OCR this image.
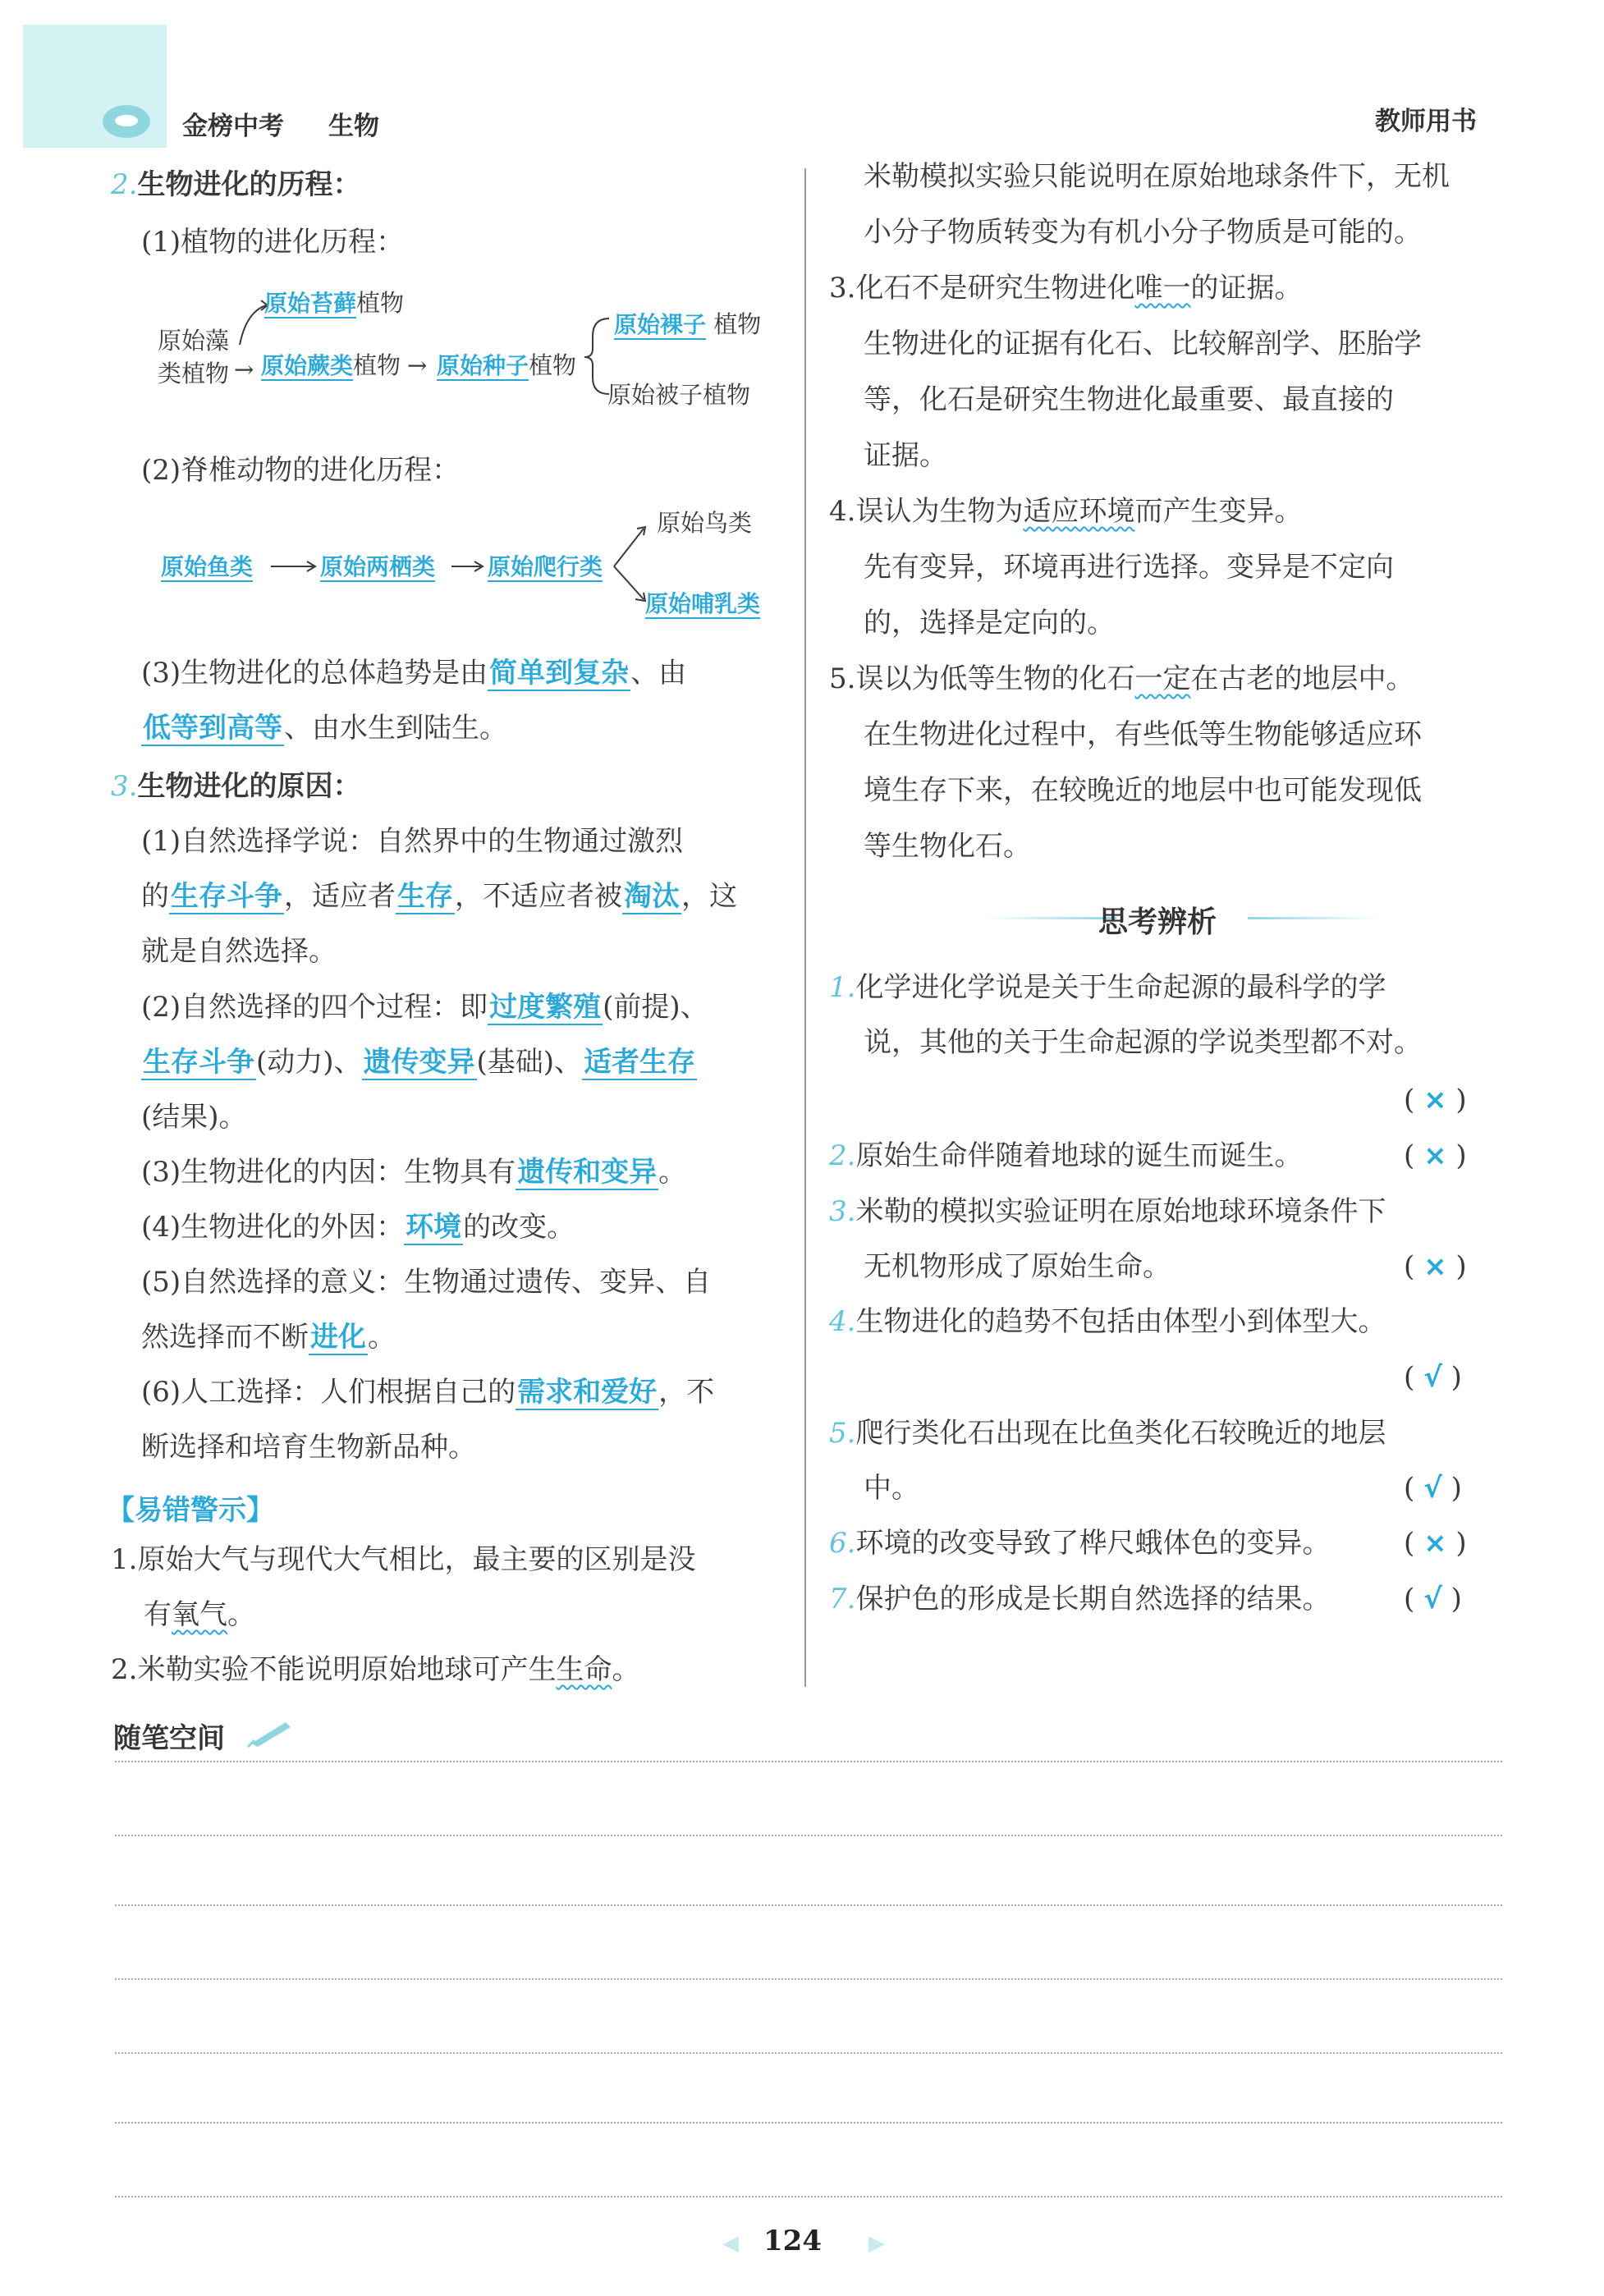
金榜中考 生物	教师用书
2.生物进化的历程：
(1)植物的进化历程：
原始藻
类植物 →
原始苔藓植物
原始蕨类植物 → 原始种子植物
原始裸子 植物
原始被子植物
(2)脊椎动物的进化历程：
原始鱼类	原始两栖类 原始爬行类
原始鸟类
原始哺乳类
(3)生物进化的总体趋势是由简单到复杂、由
低等到高等、由水生到陆生。
3.生物进化的原因：
(1)自然选择学说：自然界中的生物通过激烈
的生存斗争，适应者生存，不适应者被淘汰，这
就是自然选择。
(2)自然选择的四个过程：即过度繁殖(前提)、
生存斗争(动力)、遗传变异(基础)、适者生存
(结果)。
(3)生物进化的内因：生物具有遗传和变异。
(4)生物进化的外因：环境的改变。
(5)自然选择的意义：生物通过遗传、变异、自
然选择而不断进化。
(6)人工选择：人们根据自己的需求和爱好，不
断选择和培育生物新品种。
【易错警示】
1.原始大气与现代大气相比，最主要的区别是没
有氧气。
2.米勒实验不能说明原始地球可产生生命。
米勒模拟实验只能说明在原始地球条件下，无机
小分子物质转变为有机小分子物质是可能的。
3.化石不是研究生物进化唯一的证据。
生物进化的证据有化石、比较解剖学、胚胎学
等，化石是研究生物进化最重要、最直接的
证据。
4.误认为生物为适应环境而产生变异。
先有变异，环境再进行选择。变异是不定向
的，选择是定向的。
5.误以为低等生物的化石一定在古老的地层中。
在生物进化过程中，有些低等生物能够适应环
境生存下来，在较晚近的地层中也可能发现低
等生物化石。
思考辨析
1.化学进化学说是关于生命起源的最科学的学
说，其他的关于生命起源的学说类型都不对。
( × )
2.原始生命伴随着地球的诞生而诞生。	( × )
3.米勒的模拟实验证明在原始地球环境条件下
无机物形成了原始生命。	( × )
4.生物进化的趋势不包括由体型小到体型大。
( √ )
5.爬行类化石出现在比鱼类化石较晚近的地层
中。	( √ )
6.环境的改变导致了桦尺蛾体色的变异。	( × )
7.保护色的形成是长期自然选择的结果。	( √ )
随笔空间
◀ 124 ▶
